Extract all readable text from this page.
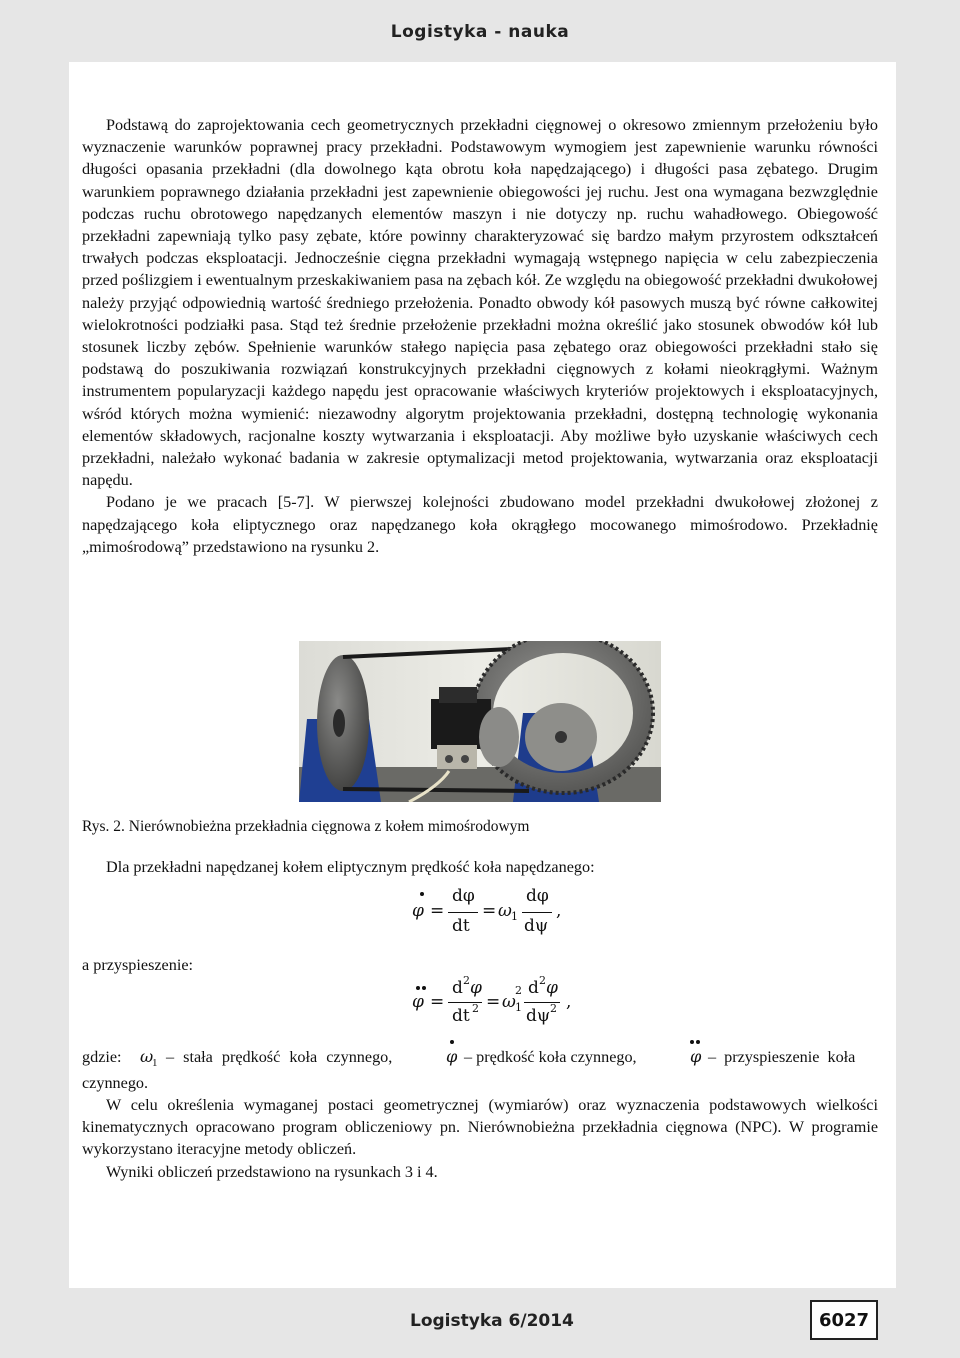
Logistyka - nauka

Podstawą do zaprojektowania cech geometrycznych przekładni cięgnowej o okresowo zmiennym przełożeniu było wyznaczenie warunków poprawnej pracy przekładni. Podstawowym wymogiem jest zapewnienie warunku równości długości opasania przekładni (dla dowolnego kąta obrotu koła napędzającego) i długości pasa zębatego. Drugim warunkiem poprawnego działania przekładni jest zapewnienie obiegowości jej ruchu. Jest ona wymagana bezwzględnie podczas ruchu obrotowego napędzanych elementów maszyn i nie dotyczy np. ruchu wahadłowego. Obiegowość przekładni zapewniają tylko pasy zębate, które powinny charakteryzować się bardzo małym przyrostem odkształceń trwałych podczas eksploatacji. Jednocześnie cięgna przekładni wymagają wstępnego napięcia w celu zabezpieczenia przed poślizgiem i ewentualnym przeskakiwaniem pasa na zębach kół. Ze względu na obiegowość przekładni dwukołowej należy przyjąć odpowiednią wartość średniego przełożenia. Ponadto obwody kół pasowych muszą być równe całkowitej wielokrotności podziałki pasa. Stąd też średnie przełożenie przekładni można określić jako stosunek obwodów kół lub stosunek liczby zębów. Spełnienie warunków stałego napięcia pasa zębatego oraz obiegowości przekładni stało się podstawą do poszukiwania rozwiązań konstrukcyjnych przekładni cięgnowych z kołami nieokrągłymi. Ważnym instrumentem popularyzacji każdego napędu jest opracowanie właściwych kryteriów projektowych i eksploatacyjnych, wśród których można wymienić: niezawodny algorytm projektowania przekładni, dostępną technologię wykonania elementów składowych, racjonalne koszty wytwarzania i eksploatacji. Aby możliwe było uzyskanie właściwych cech przekładni, należało wykonać badania w zakresie optymalizacji metod projektowania, wytwarzania oraz eksploatacji napędu.

Podano je we pracach [5-7]. W pierwszej kolejności zbudowano model przekładni dwukołowej złożonej z napędzającego koła eliptycznego oraz napędzanego koła okrągłego mocowanego mimośrodowo. Przekładnię „mimośrodową” przedstawiono na rysunku 2.

Rys. 2. Nierównobieżna przekładnia cięgnowa z kołem mimośrodowym
Dla przekładni napędzanej kołem eliptycznym prędkość koła napędzanego:
φ =
dφ
dt
= ω 1
dφ
dψ
,
a przyspieszenie:
φ =
d 2 φ
dt 2 = ω
2
1
d 2 φ
dψ 2 ,
gdzie: ω
1 – stała prędkość koła czynnego,	φ – prędkość koła czynnego,	φ – przyspieszenie koła
czynnego.

W celu określenia wymaganej postaci geometrycznej (wymiarów) oraz wyznaczenia podstawowych wielkości kinematycznych opracowano program obliczeniowy pn. Nierównobieżna przekładnia cięgnowa (NPC). W programie wykorzystano iteracyjne metody obliczeń.

Wyniki obliczeń przedstawiono na rysunkach 3 i 4.

Logistyka 6/2014	6027
